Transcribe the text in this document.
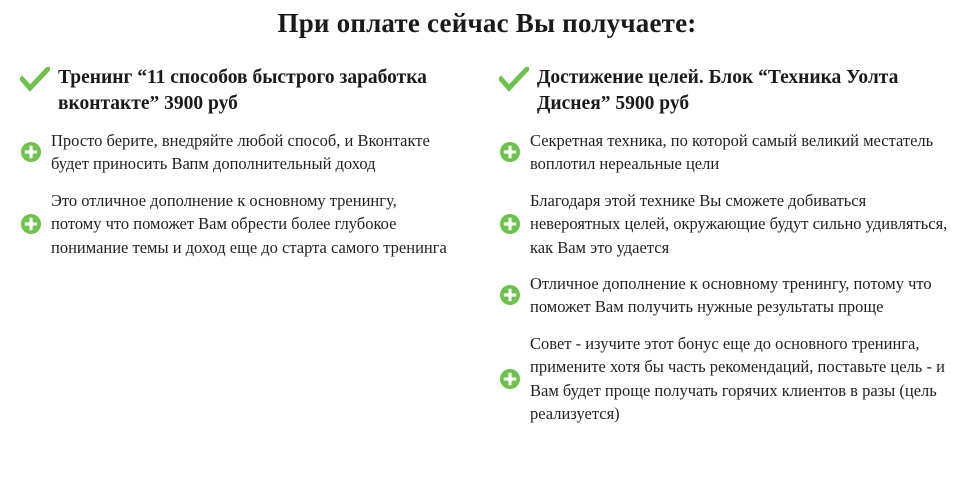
При оплате сейчас Вы получаете:
Тренинг “11 способов быстрого заработка вконтакте” 3900 руб
Просто берите, внедряйте любой способ, и Вконтакте будет приносить Вапм дополнительный доход
Это отличное дополнение к основному тренингу, потому что поможет Вам обрести более глубокое понимание темы и доход еще до старта самого тренинга
Достижение целей. Блок “Техника Уолта Диснея” 5900 руб
Секретная техника, по которой самый великий местатель воплотил нереальные цели
Благодаря этой технике Вы сможете добиваться невероятных целей, окружающие будут сильно удивляться, как Вам это удается
Отличное дополнение к основному тренингу, потому что поможет Вам получить нужные результаты проще
Совет - изучите этот бонус еще до основного тренинга, примените хотя бы часть рекомендаций, поставьте цель - и Вам будет проще получать горячих клиентов в разы (цель реализуется)
